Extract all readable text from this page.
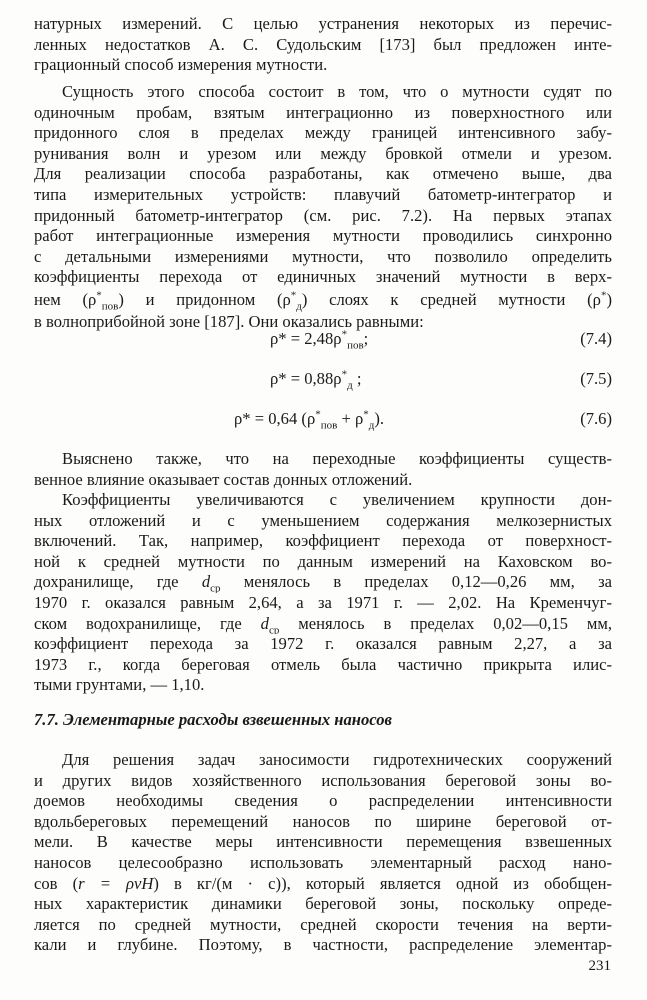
натурных измерений. С целью устранения некоторых из перечис-
ленных недостатков А. С. Судольским [173] был предложен инте-
грационный способ измерения мутности.
Сущность этого способа состоит в том, что о мутности судят по
одиночным пробам, взятым интеграционно из поверхностного или
придонного слоя в пределах между границей интенсивного забу-
рунивания волн и урезом или между бровкой отмели и урезом.
Для реализации способа разработаны, как отмечено выше, два
типа измерительных устройств: плавучий батометр-интегратор и
придонный батометр-интегратор (см. рис. 7.2). На первых этапах
работ интеграционные измерения мутности проводились синхронно
с детальными измерениями мутности, что позволило определить
коэффициенты перехода от единичных значений мутности в верх-
нем $(\rho^*_{пов})$ и придонном $(\rho^*_д)$ слоях к средней мутности (ρ*)
в волноприбойной зоне [187]. Они оказались равными:
$\rho* = 2,48\rho^*_{пов}$;	(7.4)
$\rho* = 0,88\rho^*_д$ ;	(7.5)
ρ* = 0,64 $(\rho^*_{пов} + \rho^*_д)$.	(7.6)
Выяснено также, что на переходные коэффициенты существ-
венное влияние оказывает состав донных отложений.
Коэффициенты увеличиваются с увеличением крупности дон-
ных отложений и с уменьшением содержания мелкозернистых
включений. Так, например, коэффициент перехода от поверхност-
ной к средней мутности по данным измерений на Каховском во-
дохранилище, где $d_{ср}$ менялось в пределах 0,12—0,26 мм, за
1970 г. оказался равным 2,64, а за 1971 г. — 2,02. На Кременчуг-
ском водохранилище, где $d_{ср}$ менялось в пределах 0,02—0,15 мм,
коэффициент перехода за 1972 г. оказался равным 2,27, а за
1973 г., когда береговая отмель была частично прикрыта илис-
тыми грунтами, — 1,10.
7.7. Элементарные расходы взвешенных наносов
Для решения задач заносимости гидротехнических сооружений
и других видов хозяйственного использования береговой зоны во-
доемов необходимы сведения о распределении интенсивности
вдольбереговых перемещений наносов по ширине береговой от-
мели. В качестве меры интенсивности перемещения взвешенных
наносов целесообразно использовать элементарный расход нано-
сов (r = ρvH) в кг/(м · с)), который является одной из обобщен-
ных характеристик динамики береговой зоны, поскольку опреде-
ляется по средней мутности, средней скорости течения на верти-
кали и глубине. Поэтому, в частности, распределение элементар-
231
